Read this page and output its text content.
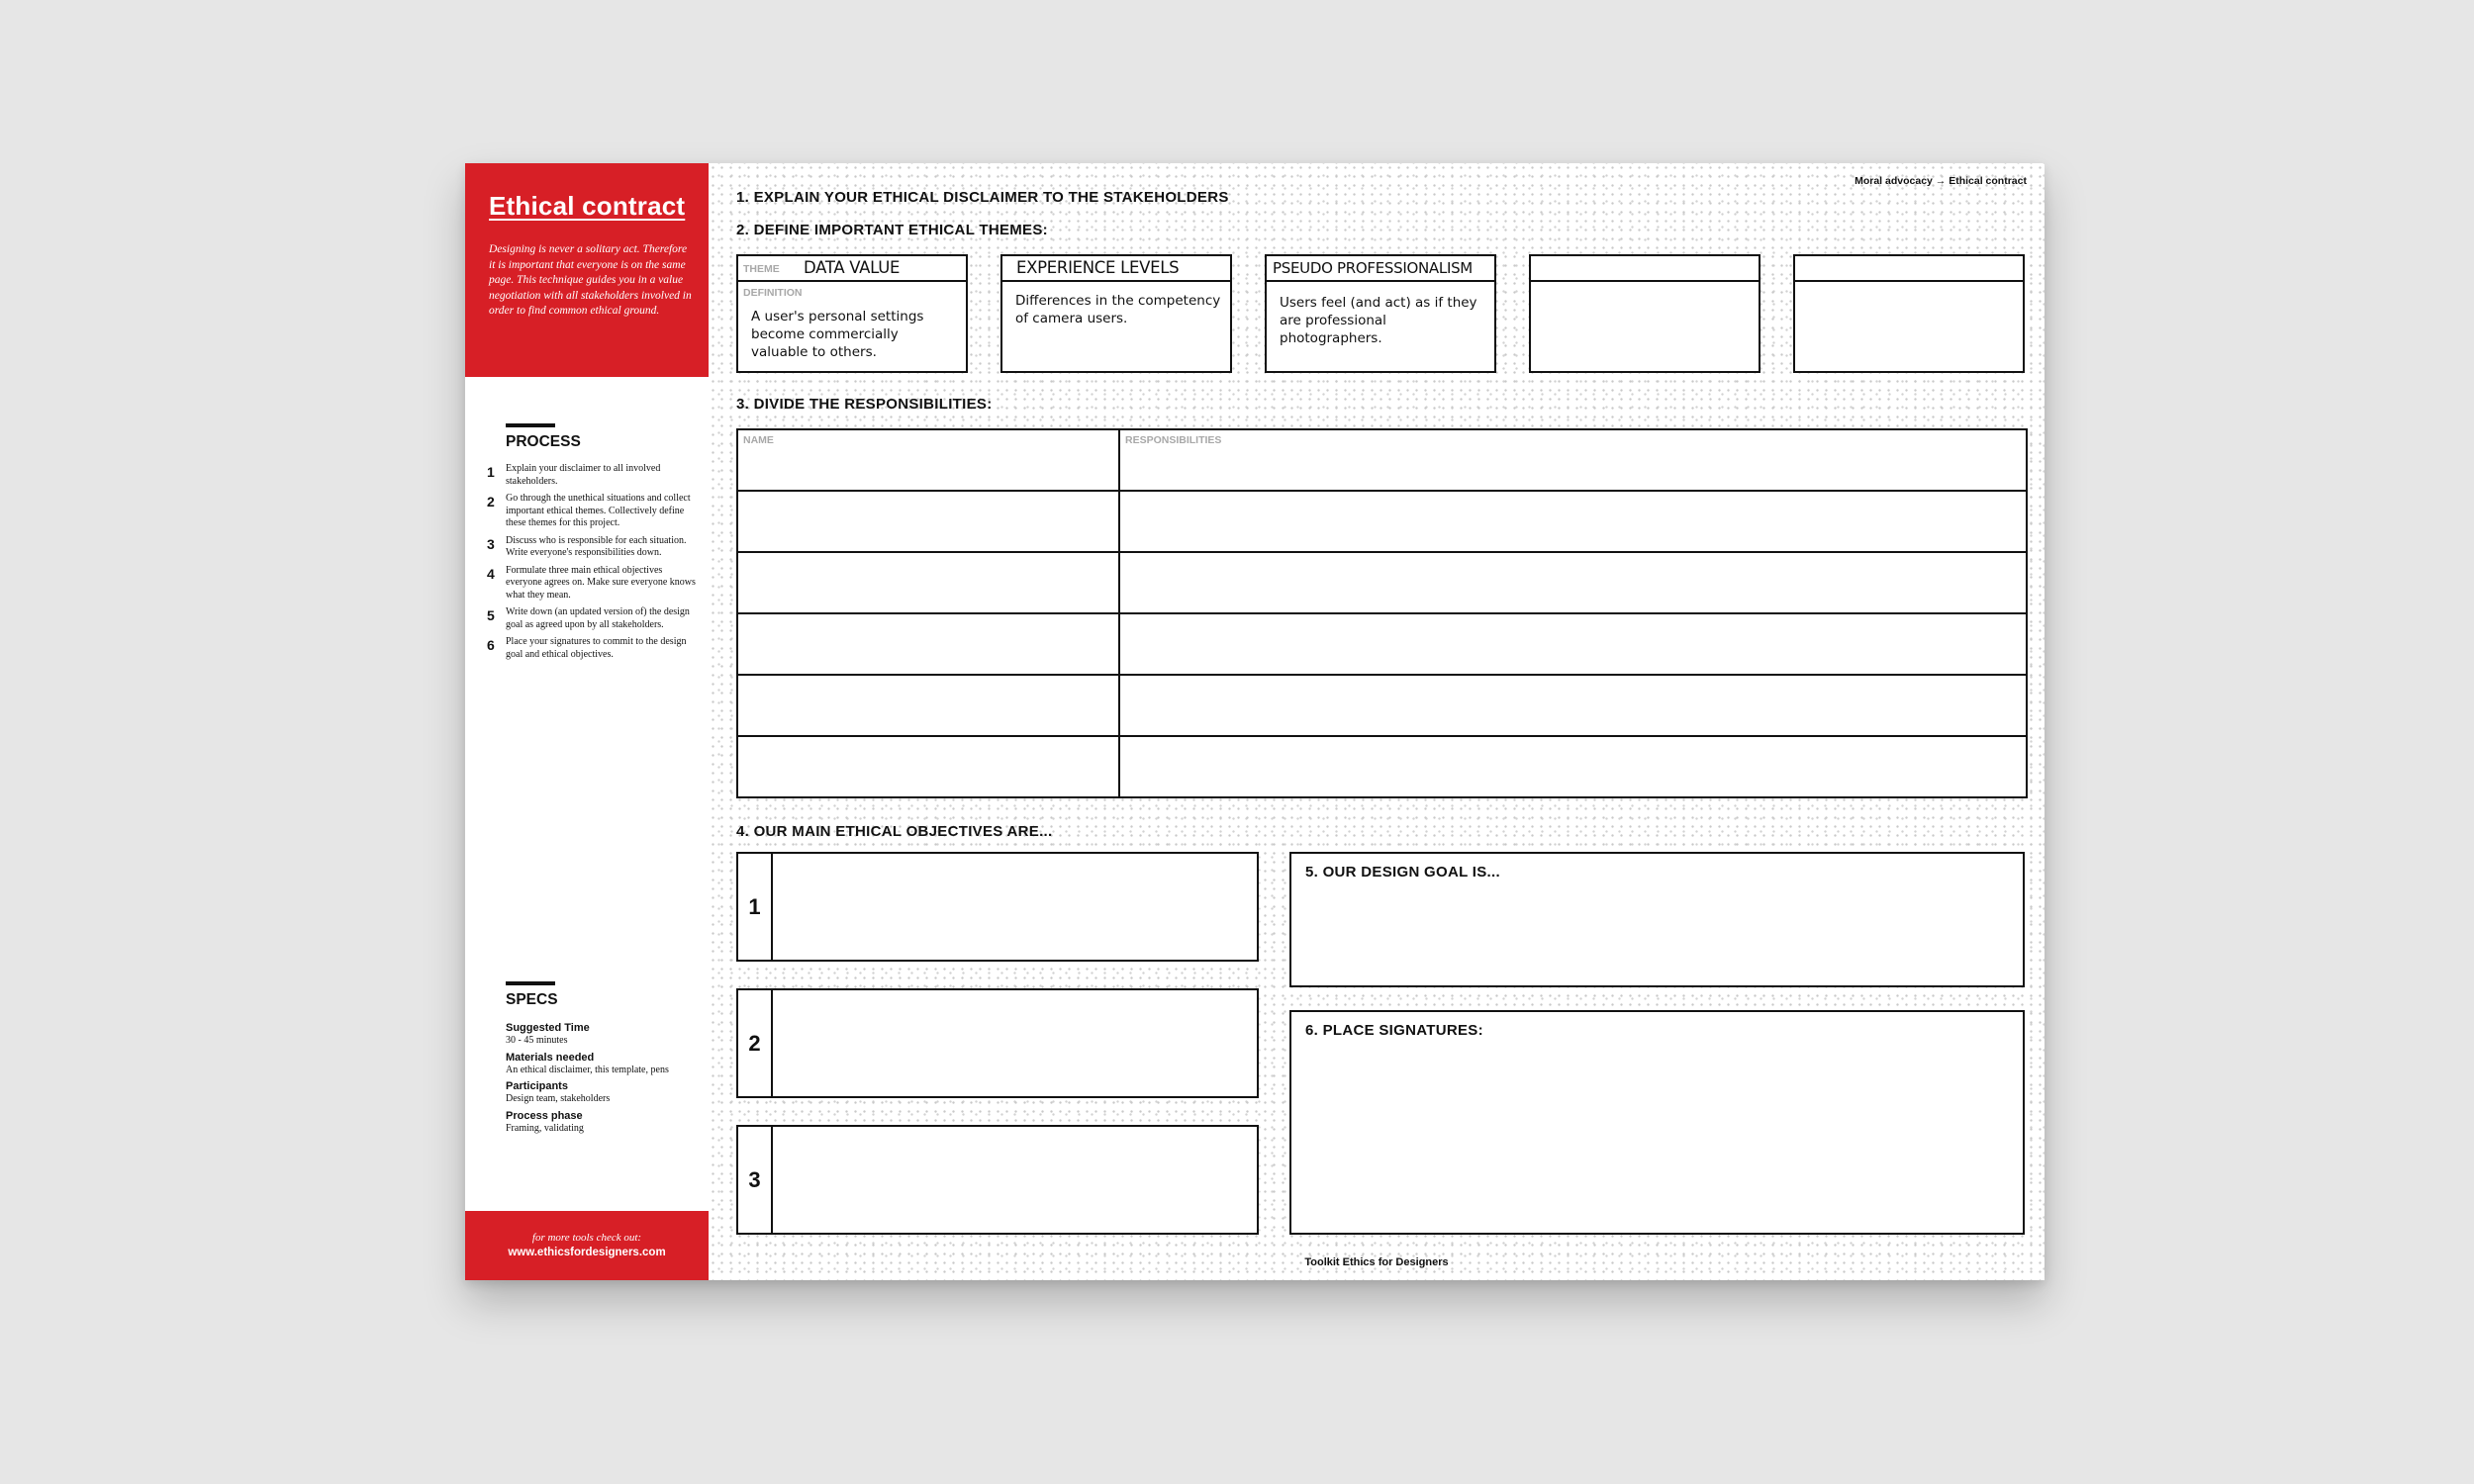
Ethical contract
Designing is never a solitary act. Therefore it is important that everyone is on the same page. This technique guides you in a value negotiation with all stakeholders involved in order to find common ethical ground.
PROCESS
1	Explain your disclaimer to all involved stakeholders.
2	Go through the unethical situations and collect important ethical themes. Collectively define these themes for this project.
3	Discuss who is responsible for each situation. Write everyone's responsibilities down.
4	Formulate three main ethical objectives everyone agrees on. Make sure everyone knows what they mean.
5	Write down (an updated version of) the design goal as agreed upon by all stakeholders.
6	Place your signatures to commit to the design goal and ethical objectives.
SPECS
Suggested Time
30 - 45 minutes
Materials needed
An ethical disclaimer, this template, pens
Participants
Design team, stakeholders
Process phase
Framing, validating
for more tools check out:
www.ethicsfordesigners.com
Moral advocacy → Ethical contract
1. EXPLAIN YOUR ETHICAL DISCLAIMER TO THE STAKEHOLDERS
2. DEFINE IMPORTANT ETHICAL THEMES:
THEME DATA VALUE
DEFINITION
A user's personal settings become commercially valuable to others.
EXPERIENCE LEVELS
Differences in the competency of camera users.
PSEUDO PROFESSIONALISM
Users feel (and act) as if they are professional photographers.
3. DIVIDE THE RESPONSIBILITIES:
NAME	RESPONSIBILITIES

4. OUR MAIN ETHICAL OBJECTIVES ARE...
1
2
3
5. OUR DESIGN GOAL IS...
6. PLACE SIGNATURES:
Toolkit Ethics for Designers
